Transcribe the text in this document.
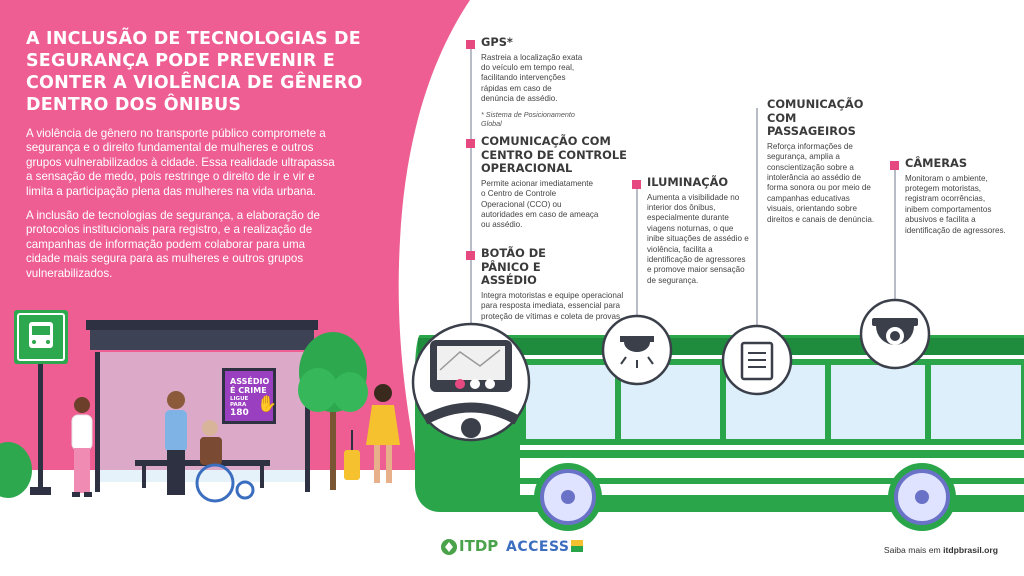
A INCLUSÃO DE TECNOLOGIAS DE SEGURANÇA PODE PREVENIR E CONTER A VIOLÊNCIA DE GÊNERO DENTRO DOS ÔNIBUS

A violência de gênero no transporte público compromete a segurança e o direito fundamental de mulheres e outros grupos vulnerabilizados à cidade. Essa realidade ultrapassa a sensação de medo, pois restringe o direito de ir e vir e limita a participação plena das mulheres na vida urbana.

A inclusão de tecnologias de segurança, a elaboração de protocolos institucionais para registro, e a realização de campanhas de informação podem colaborar para uma cidade mais segura para as mulheres e outros grupos vulnerabilizados.

ASSÉDIO
É CRIME
LIGUE
PARA
180 ✋
GPS*
Rastreia a localização exata do veículo em tempo real, facilitando intervenções rápidas em caso de denúncia de assédio.
* Sistema de Posicionamento Global
COMUNICAÇÃO COM CENTRO DE CONTROLE OPERACIONAL
Permite acionar imediatamente o Centro de Controle Operacional (CCO) ou autoridades em caso de ameaça ou assédio.
BOTÃO DE PÂNICO E ASSÉDIO
Integra motoristas e equipe operacional para resposta imediata, essencial para proteção de vítimas e coleta de provas.
ILUMINAÇÃO
Aumenta a visibilidade no interior dos ônibus, especialmente durante viagens noturnas, o que inibe situações de assédio e violência, facilita a identificação de agressores e promove maior sensação de segurança.
COMUNICAÇÃO COM PASSAGEIROS
Reforça informações de segurança, amplia a conscientização sobre a intolerância ao assédio de forma sonora ou por meio de campanhas educativas visuais, orientando sobre direitos e canais de denúncia.
CÂMERAS
Monitoram o ambiente, protegem motoristas, registram ocorrências, inibem comportamentos abusivos e facilita a identificação de agressores.
ITDP ACCESS	Saiba mais em itdpbrasil.org
